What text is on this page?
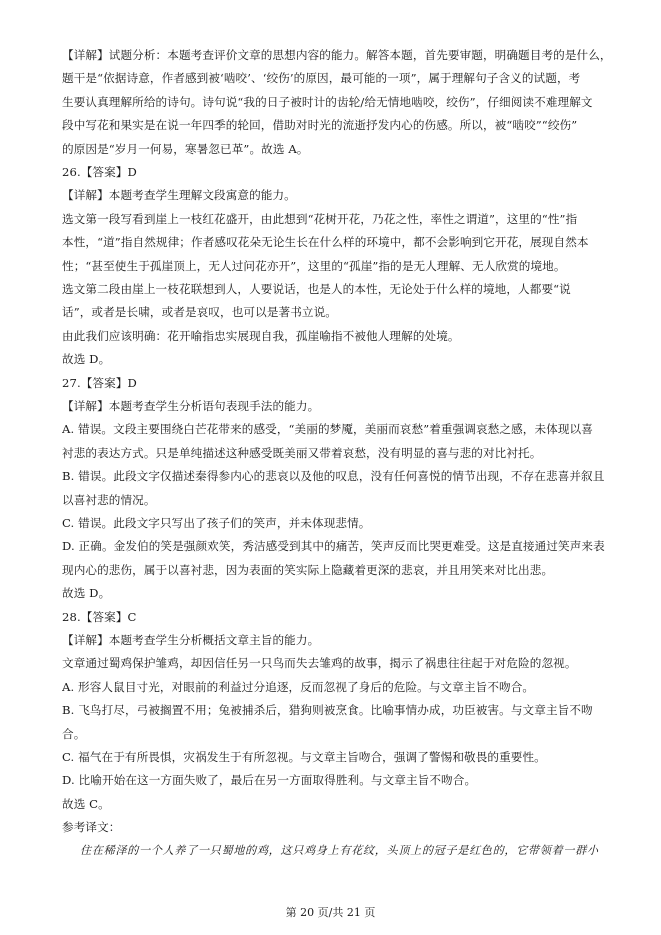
【详解】试题分析：本题考查评价文章的思想内容的能力。解答本题，首先要审题，明确题目考的是什么，

题干是“依据诗意，作者感到被‘啮咬’、‘绞伤’的原因，最可能的一项”，属于理解句子含义的试题，考

生要认真理解所给的诗句。诗句说“我的日子被时计的齿轮/给无情地啮咬，绞伤”，仔细阅读不难理解文

段中写花和果实是在说一年四季的轮回，借助对时光的流逝抒发内心的伤感。所以，被“啮咬”“绞伤”

的原因是“岁月一何易，寒暑忽已革”。故选 A。

26.【答案】D

【详解】本题考查学生理解文段寓意的能力。

选文第一段写看到崖上一枝红花盛开，由此想到“花树开花，乃花之性，率性之谓道”，这里的“性”指

本性，“道”指自然规律；作者感叹花朵无论生长在什么样的环境中，都不会影响到它开花，展现自然本

性；“甚至使生于孤崖顶上，无人过问花亦开”，这里的“孤崖”指的是无人理解、无人欣赏的境地。

选文第二段由崖上一枝花联想到人，人要说话，也是人的本性，无论处于什么样的境地，人都要“说

话”，或者是长啸，或者是哀叹，也可以是著书立说。

由此我们应该明确：花开喻指忠实展现自我，孤崖喻指不被他人理解的处境。

故选 D。

27.【答案】D

【详解】本题考查学生分析语句表现手法的能力。

A. 错误。文段主要围绕白芒花带来的感受，“美丽的梦魇，美丽而哀愁”着重强调哀愁之感，未体现以喜

衬悲的表达方式。只是单纯描述这种感受既美丽又带着哀愁，没有明显的喜与悲的对比衬托。

B. 错误。此段文字仅描述秦得参内心的悲哀以及他的叹息，没有任何喜悦的情节出现，不存在悲喜并叙且

以喜衬悲的情况。

C. 错误。此段文字只写出了孩子们的笑声，并未体现悲情。

D. 正确。金发伯的笑是强颜欢笑，秀洁感受到其中的痛苦，笑声反而比哭更难受。这是直接通过笑声来表

现内心的悲伤，属于以喜衬悲，因为表面的笑实际上隐藏着更深的悲哀，并且用笑来对比出悲。

故选 D。

28.【答案】C

【详解】本题考查学生分析概括文章主旨的能力。

文章通过蜀鸡保护雏鸡，却因信任另一只鸟而失去雏鸡的故事，揭示了祸患往往起于对危险的忽视。

A. 形容人鼠目寸光，对眼前的利益过分追逐，反而忽视了身后的危险。与文章主旨不吻合。

B. 飞鸟打尽，弓被搁置不用；兔被捕杀后，猎狗则被烹食。比喻事情办成，功臣被害。与文章主旨不吻

合。

C. 福气在于有所畏惧，灾祸发生于有所忽视。与文章主旨吻合，强调了警惕和敬畏的重要性。

D. 比喻开始在这一方面失败了，最后在另一方面取得胜利。与文章主旨不吻合。

故选 C。

参考译文：

住在稀泽的一个人养了一只蜀地的鸡，这只鸡身上有花纹，头顶上的冠子是红色的，它带领着一群小

第 20 页/共 21 页
